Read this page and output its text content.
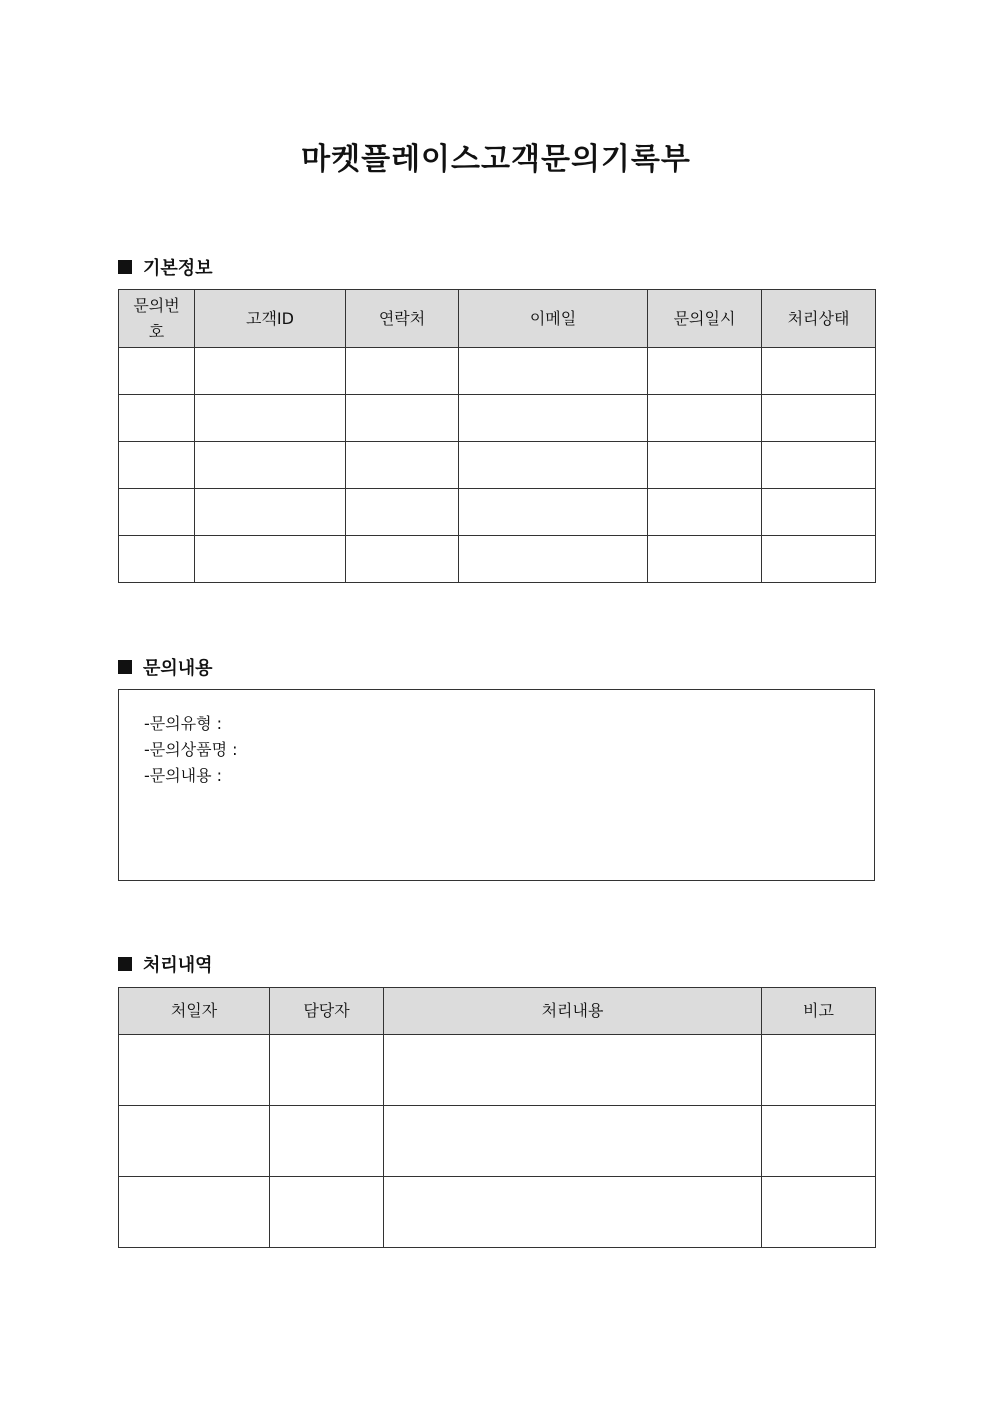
마켓플레이스고객문의기록부
기본정보
문의번호	고객ID	연락처	이메일	문의일시	처리상태

문의내용
-문의유형 :
-문의상품명 :
-문의내용 :
처리내역
처일자	담당자	처리내용	비고
